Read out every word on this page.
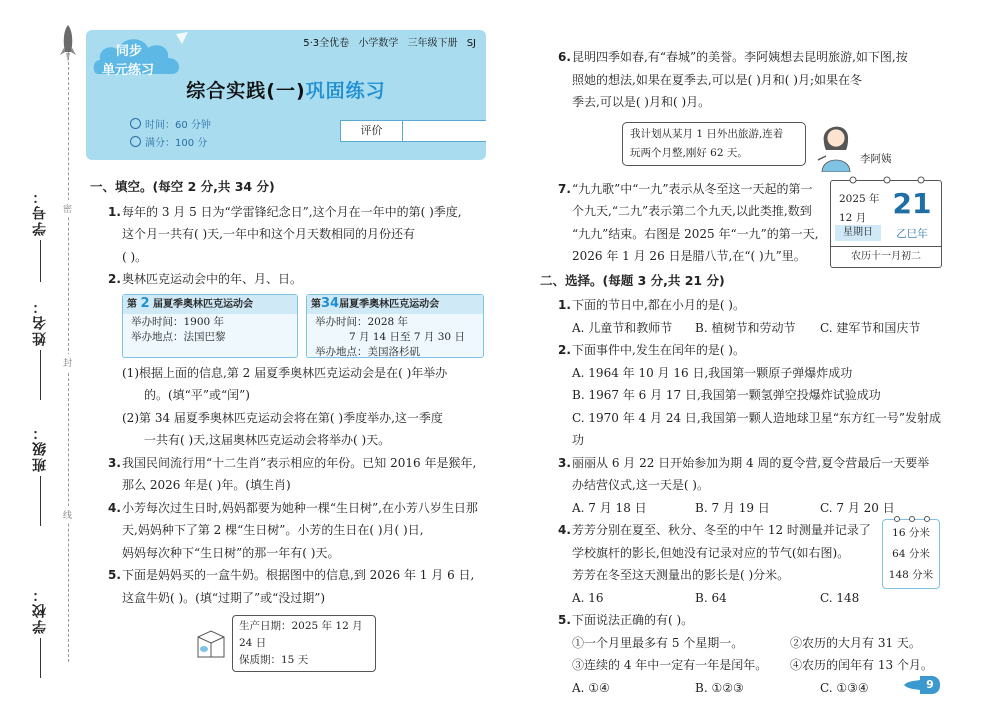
学号：
姓名：
班级：
学校：
密
封
线
同步
单元练习
5·3全优卷 小学数学 三年级下册 SJ
综合实践(一)巩固练习
时间：60 分钟
满分：100 分
评价
一、填空。(每空 2 分,共 34 分)
1. 每年的 3 月 5 日为“学雷锋纪念日”,这个月在一年中的第( )季度,
这个月一共有( )天,一年中和这个月天数相同的月份还有
( )。
2. 奥林匹克运动会中的年、月、日。
第 2 届夏季奥林匹克运动会
举办时间：1900 年
举办地点：法国巴黎
第34届夏季奥林匹克运动会
举办时间：2028 年
7 月 14 日至 7 月 30 日
举办地点：美国洛杉矶
(1)根据上面的信息,第 2 届夏季奥林匹克运动会是在( )年举办
的。(填“平”或“闰”)
(2)第 34 届夏季奥林匹克运动会将在第( )季度举办,这一季度
一共有( )天,这届奥林匹克运动会将举办( )天。
3. 我国民间流行用“十二生肖”表示相应的年份。已知 2016 年是猴年,
那么 2026 年是( )年。(填生肖)
4. 小芳每次过生日时,妈妈都要为她种一棵“生日树”,在小芳八岁生日那
天,妈妈种下了第 2 棵“生日树”。小芳的生日在( )月( )日,
妈妈每次种下“生日树”的那一年有( )天。
5. 下面是妈妈买的一盒牛奶。根据图中的信息,到 2026 年 1 月 6 日,
这盒牛奶( )。(填“过期了”或“没过期”)
生产日期：2025 年 12 月 24 日
保质期：15 天
6. 昆明四季如春,有“春城”的美誉。李阿姨想去昆明旅游,如下图,按
照她的想法,如果在夏季去,可以是( )月和( )月;如果在冬
季去,可以是( )月和( )月。
我计划从某月 1 日外出旅游,连着
玩两个月整,刚好 62 天。	李阿姨
7. “九九歌”中“一九”表示从冬至这一天起的第一
个九天,“二九”表示第二个九天,以此类推,数到
“九九”结束。右图是 2025 年“一九”的第一天,
2026 年 1 月 26 日是腊八节,在“( )九”里。
2025 年
12 月
星期日
21
乙巳年
农历十一月初二
二、选择。(每题 3 分,共 21 分)
1. 下面的节日中,都在小月的是( )。
A. 儿童节和教师节	B. 植树节和劳动节	C. 建军节和国庆节
2. 下面事件中,发生在闰年的是( )。
A. 1964 年 10 月 16 日,我国第一颗原子弹爆炸成功
B. 1967 年 6 月 17 日,我国第一颗氢弹空投爆炸试验成功
C. 1970 年 4 月 24 日,我国第一颗人造地球卫星“东方红一号”发射成功
3. 丽丽从 6 月 22 日开始参加为期 4 周的夏令营,夏令营最后一天要举
办结营仪式,这一天是( )。
A. 7 月 18 日	B. 7 月 19 日	C. 7 月 20 日
4. 芳芳分别在夏至、秋分、冬至的中午 12 时测量并记录了
学校旗杆的影长,但她没有记录对应的节气(如右图)。
芳芳在冬至这天测量出的影长是( )分米。
A. 16	B. 64	C. 148
16 分米
64 分米
148 分米
5. 下面说法正确的有( )。
①一个月里最多有 5 个星期一。	②农历的大月有 31 天。
③连续的 4 年中一定有一年是闰年。	④农历的闰年有 13 个月。
A. ①④	B. ①②③	C. ①③④	9
